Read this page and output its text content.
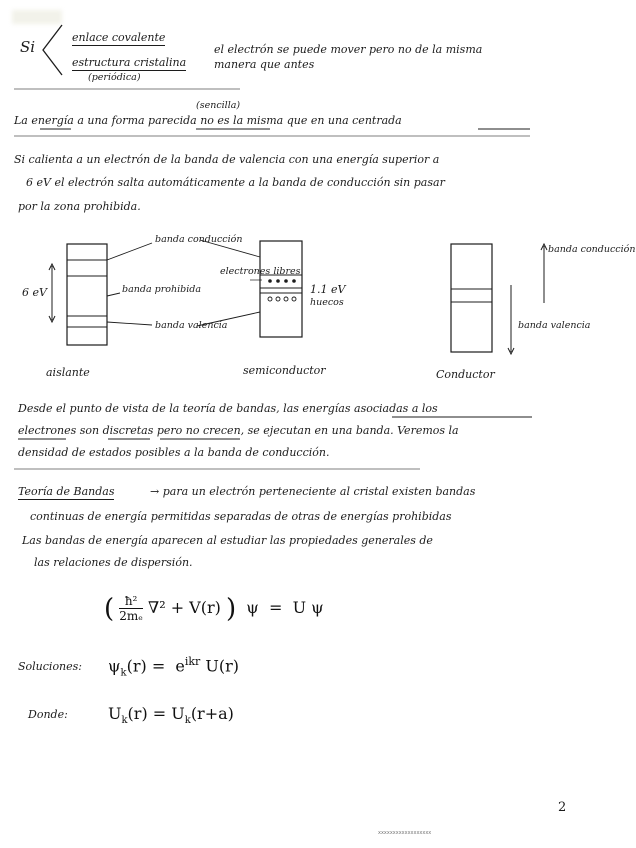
Si
enlace covalente
estructura cristalina
(periódica)
el electrón se puede mover pero no de la misma
manera que antes
(sencilla)
La energía a una forma parecida no es la misma que en una centrada
Si calienta a un electrón de la banda de valencia con una energía superior a
6 eV el electrón salta automáticamente a la banda de conducción sin pasar
por la zona prohibida.
banda conducción
banda prohibida
banda valencia
6 eV
electrones libres
1.1 eV
huecos
aislante	semiconductor	Conductor
banda conducción
banda valencia
Desde el punto de vista de la teoría de bandas, las energías asociadas a los
electrones son discretas pero no crecen, se ejecutan en una banda. Veremos la
densidad de estados posibles a la banda de conducción.
Teoría de Bandas	→ para un electrón perteneciente al cristal existen bandas
continuas de energía permitidas separadas de otras de energías prohibidas
Las bandas de energía aparecen al estudiar las propiedades generales de
las relaciones de dispersión.
( $\frac{\text{ħ²}}{\text{2mₑ}} \nabla^2 + V(r)$ )  ψ  =  U ψ
Soluciones: $\psi_k(r) = e^{ikr}$ U(r)
Donde:	$U_k(r) = U_k(r+a)$
2
xxxxxxxxxxxxxxxxxx
